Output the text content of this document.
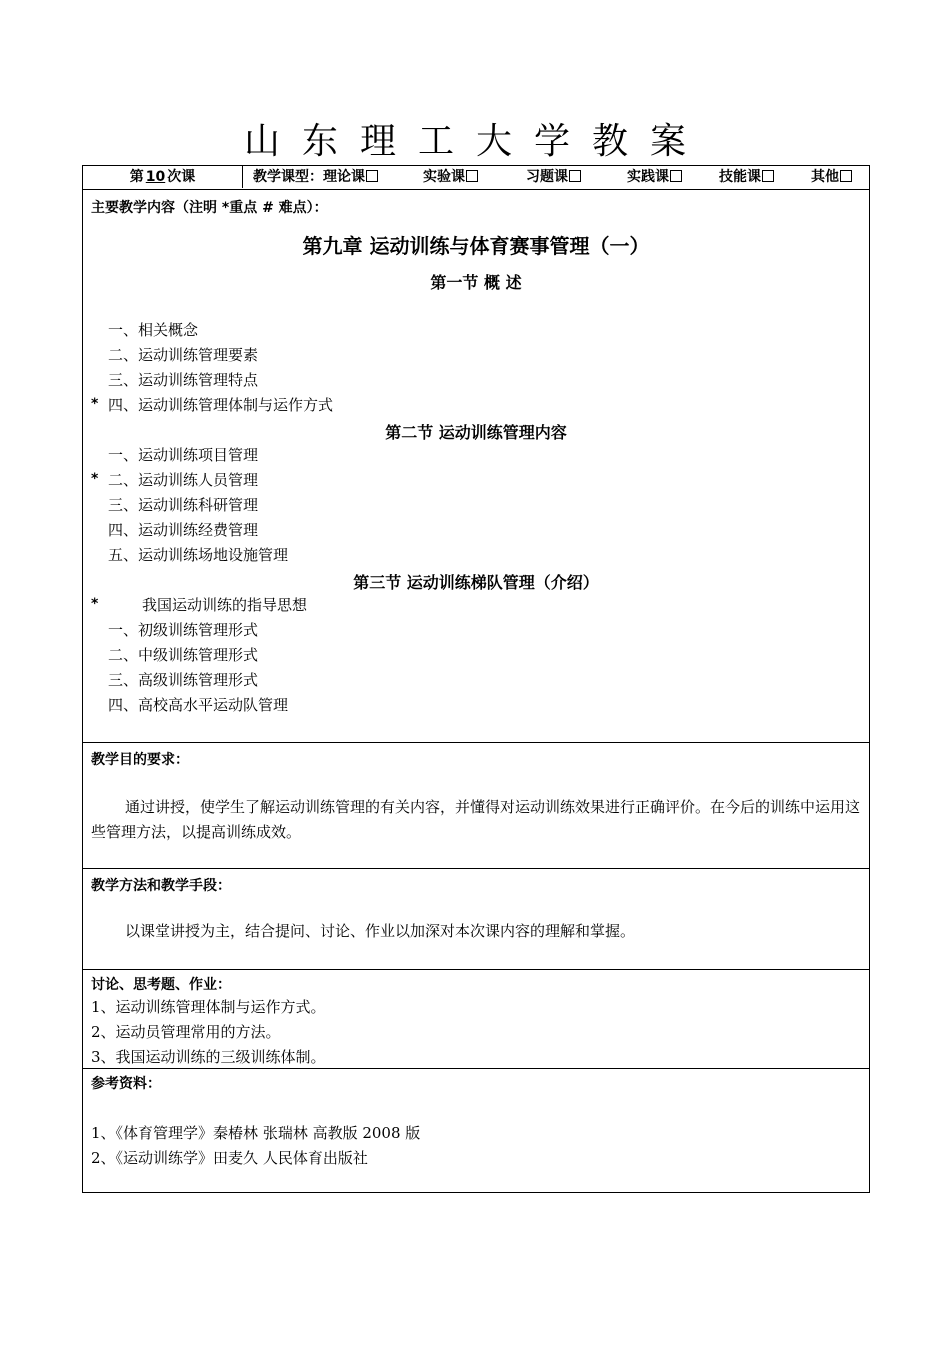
山东理工大学教案
第 10 次课	教学课型：理论课	实验课	习题课	实践课	技能课	其他
主要教学内容（注明 *重点 # 难点）：
第九章 运动训练与体育赛事管理（一）
第一节 概 述
一、相关概念
二、运动训练管理要素
三、运动训练管理特点
* 四、运动训练管理体制与运作方式
第二节 运动训练管理内容
一、运动训练项目管理
* 二、运动训练人员管理
三、运动训练科研管理
四、运动训练经费管理
五、运动训练场地设施管理
第三节 运动训练梯队管理（介绍）
*	我国运动训练的指导思想
一、初级训练管理形式
二、中级训练管理形式
三、高级训练管理形式
四、高校高水平运动队管理
教学目的要求：
通过讲授，使学生了解运动训练管理的有关内容，并懂得对运动训练效果进行正确评价。在今后的训练中运用这些管理方法，以提高训练成效。
教学方法和教学手段：
以课堂讲授为主，结合提问、讨论、作业以加深对本次课内容的理解和掌握。
讨论、思考题、作业：
1、运动训练管理体制与运作方式。
2、运动员管理常用的方法。
3、我国运动训练的三级训练体制。
参考资料：
1、《体育管理学》秦椿林 张瑞林 高教版 2008 版
2、《运动训练学》田麦久 人民体育出版社
